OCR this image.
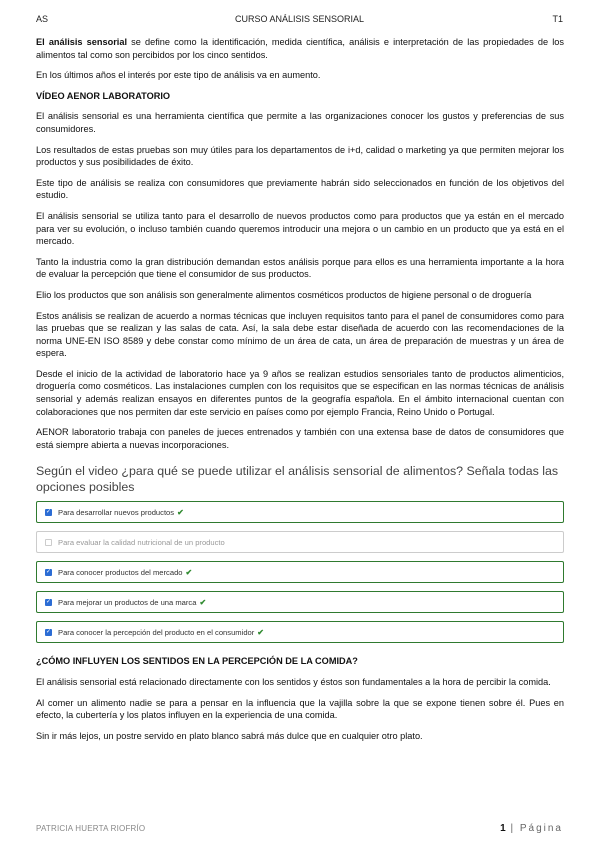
AS	CURSO ANÁLISIS SENSORIAL	T1

El análisis sensorial se define como la identificación, medida científica, análisis e interpretación de las propiedades de los alimentos tal como son percibidos por los cinco sentidos.

En los últimos años el interés por este tipo de análisis va en aumento.

VÍDEO AENOR LABORATORIO

El análisis sensorial es una herramienta científica que permite a las organizaciones conocer los gustos y preferencias de sus consumidores.

Los resultados de estas pruebas son muy útiles para los departamentos de i+d, calidad o marketing ya que permiten mejorar los productos y sus posibilidades de éxito.

Este tipo de análisis se realiza con consumidores que previamente habrán sido seleccionados en función de los objetivos del estudio.

El análisis sensorial se utiliza tanto para el desarrollo de nuevos productos como para productos que ya están en el mercado para ver su evolución, o incluso también cuando queremos introducir una mejora o un cambio en un producto que ya está en el mercado.

Tanto la industria como la gran distribución demandan estos análisis porque para ellos es una herramienta importante a la hora de evaluar la percepción que tiene el consumidor de sus productos.

Elio los productos que son análisis son generalmente alimentos cosméticos productos de higiene personal o de droguería

Estos análisis se realizan de acuerdo a normas técnicas que incluyen requisitos tanto para el panel de consumidores como para las pruebas que se realizan y las salas de cata. Así, la sala debe estar diseñada de acuerdo con las recomendaciones de la norma UNE-EN ISO 8589 y debe constar como mínimo de un área de cata, un área de preparación de muestras y un área de espera.

Desde el inicio de la actividad de laboratorio hace ya 9 años se realizan estudios sensoriales tanto de productos alimenticios, droguería como cosméticos. Las instalaciones cumplen con los requisitos que se especifican en las normas técnicas de análisis sensorial y además realizan ensayos en diferentes puntos de la geografía española. En el ámbito internacional cuentan con colaboraciones que nos permiten dar este servicio en países como por ejemplo Francia, Reino Unido o Portugal.

AENOR laboratorio trabaja con paneles de jueces entrenados y también con una extensa base de datos de consumidores que está siempre abierta a nuevas incorporaciones.

Según el video ¿para qué se puede utilizar el análisis sensorial de alimentos? Señala todas las opciones posibles
✓ Para desarrollar nuevos productos ✔
Para evaluar la calidad nutricional de un producto
✓ Para conocer productos del mercado ✔
✓ Para mejorar un productos de una marca ✔
✓ Para conocer la percepción del producto en el consumidor ✔
¿CÓMO INFLUYEN LOS SENTIDOS EN LA PERCEPCIÓN DE LA COMIDA?

El análisis sensorial está relacionado directamente con los sentidos y éstos son fundamentales a la hora de percibir la comida.

Al comer un alimento nadie se para a pensar en la influencia que la vajilla sobre la que se expone tienen sobre él. Pues en efecto, la cubertería y los platos influyen en la experiencia de una comida.

Sin ir más lejos, un postre servido en plato blanco sabrá más dulce que en cualquier otro plato.

PATRICIA HUERTA RIOFRÍO	1 | Página
